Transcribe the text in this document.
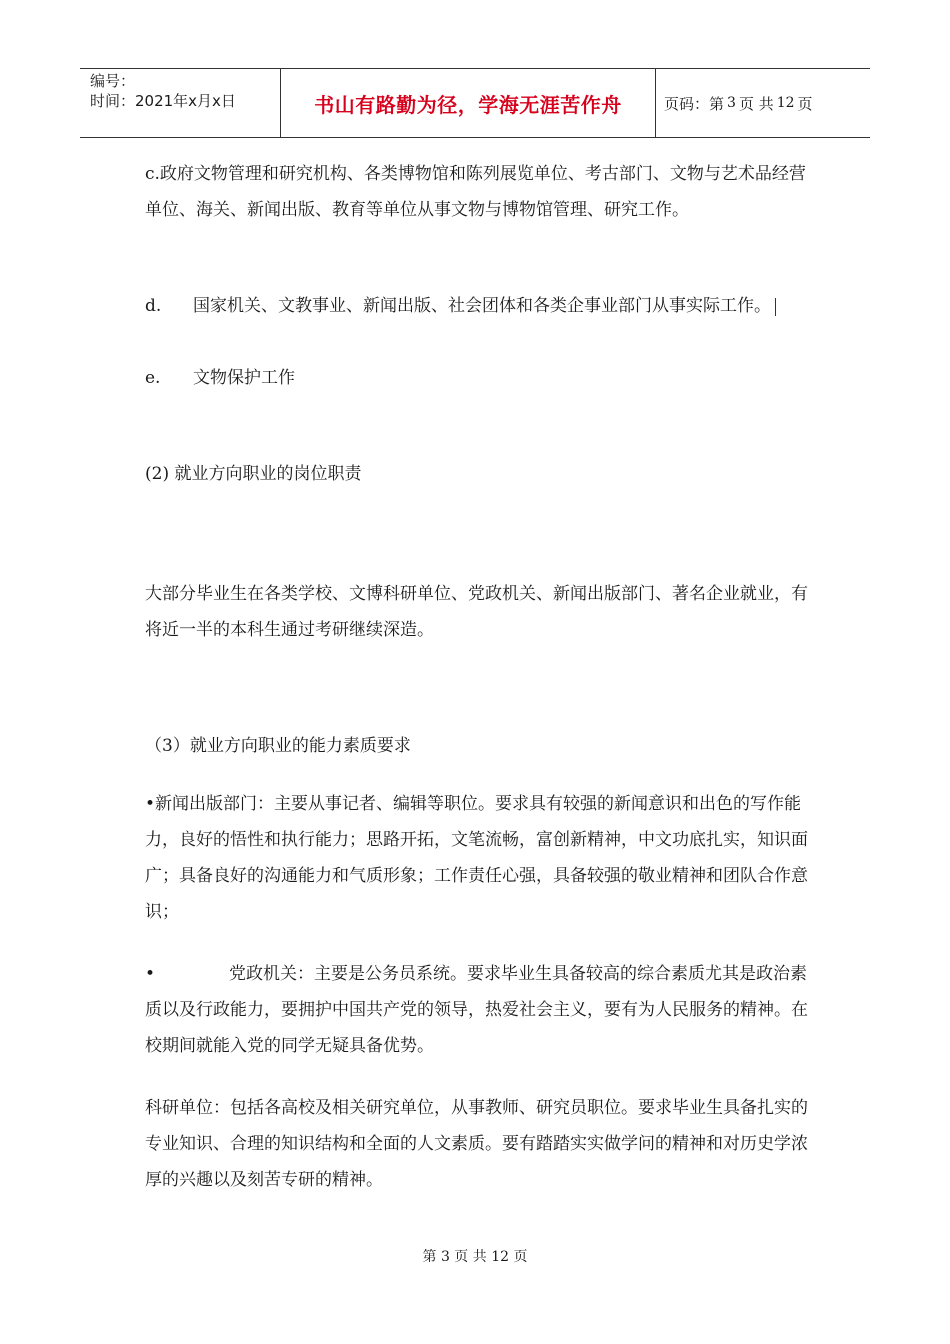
编号：
时间：2021年x月x日	书山有路勤为径，学海无涯苦作舟	页码：第 3 页 共 12 页

c.政府文物管理和研究机构、各类博物馆和陈列展览单位、考古部门、文物与艺术品经营单位、海关、新闻出版、教育等单位从事文物与博物馆管理、研究工作。

d. 国家机关、文教事业、新闻出版、社会团体和各类企事业部门从事实际工作。

e. 文物保护工作

(2) 就业方向职业的岗位职责

大部分毕业生在各类学校、文博科研单位、党政机关、新闻出版部门、著名企业就业，有将近一半的本科生通过考研继续深造。

（3）就业方向职业的能力素质要求

•新闻出版部门：主要从事记者、编辑等职位。要求具有较强的新闻意识和出色的写作能力，良好的悟性和执行能力；思路开拓，文笔流畅，富创新精神，中文功底扎实，知识面广；具备良好的沟通能力和气质形象；工作责任心强，具备较强的敬业精神和团队合作意识；

•	党政机关：主要是公务员系统。要求毕业生具备较高的综合素质尤其是政治素质以及行政能力，要拥护中国共产党的领导，热爱社会主义，要有为人民服务的精神。在校期间就能入党的同学无疑具备优势。

科研单位：包括各高校及相关研究单位，从事教师、研究员职位。要求毕业生具备扎实的专业知识、合理的知识结构和全面的人文素质。要有踏踏实实做学问的精神和对历史学浓厚的兴趣以及刻苦专研的精神。

第 3 页 共 12 页
